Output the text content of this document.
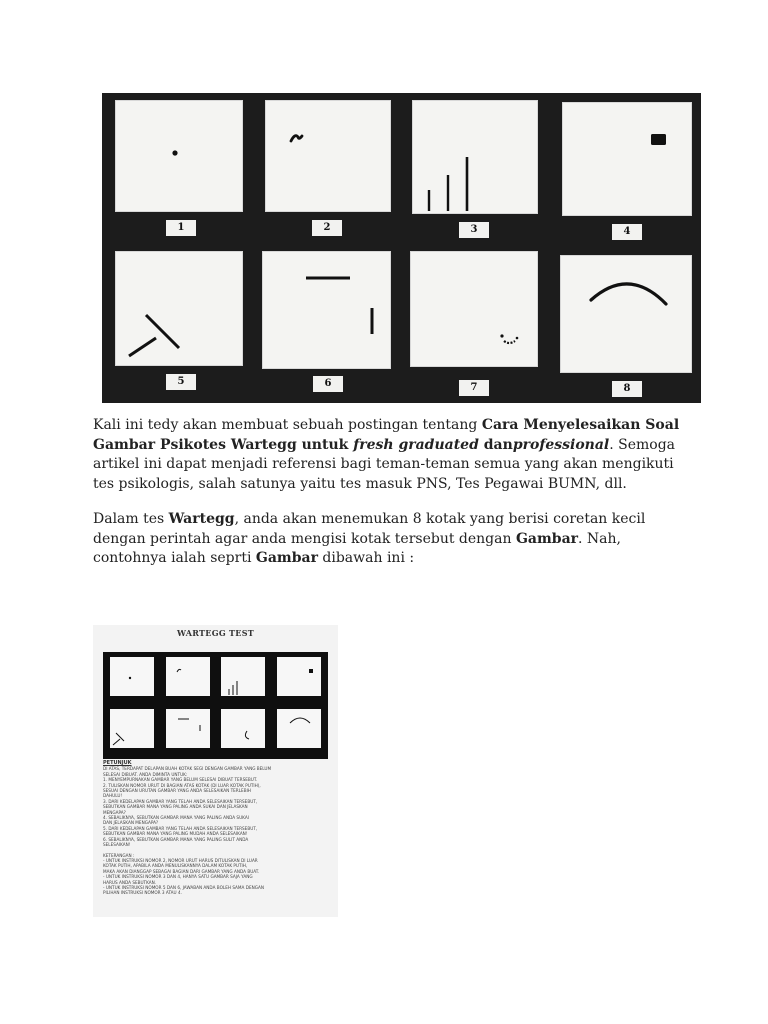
1	2	3	4
5	6	7	8

Kali ini tedy akan membuat sebuah postingan tentang Cara Menyelesaikan Soal Gambar Psikotes Wartegg untuk fresh graduated danprofessional. Semoga artikel ini dapat menjadi referensi bagi teman-teman semua yang akan mengikuti tes psikologis, salah satunya yaitu tes masuk PNS, Tes Pegawai BUMN, dll.

Dalam tes Wartegg, anda akan menemukan 8 kotak yang berisi coretan kecil dengan perintah agar anda mengisi kotak tersebut dengan Gambar. Nah, contohnya ialah seprti Gambar dibawah ini :

WARTEGG TEST
PETUNJUK
DI ATAS, TERDAPAT DELAPAN BUAH KOTAK SEGI DENGAN GAMBAR YANG BELUM
SELESAI DIBUAT. ANDA DIMINTA UNTUK:
1. MENYEMPURNAKAN GAMBAR YANG BELUM SELESAI DIBUAT TERSEBUT.
2. TULISKAN NOMOR URUT DI BAGIAN ATAS KOTAK (DI LUAR KOTAK PUTIH),
SESUAI DENGAN URUTAN GAMBAR YANG ANDA SELESAIKAN TERLEBIH
DAHULU!
3. DARI KEDELAPAN GAMBAR YANG TELAH ANDA SELESAIKAN TERSEBUT,
SEBUTKAN GAMBAR MANA YANG PALING ANDA SUKAI DAN JELASKAN
MENGAPA?
4. SEBALIKNYA, SEBUTKAN GAMBAR MANA YANG PALING ANDA SUKAI
DAN JELASKAN MENGAPA?
5. DARI KEDELAPAN GAMBAR YANG TELAH ANDA SELESAIKAN TERSEBUT,
SEBUTKAN GAMBAR MANA YANG PALING MUDAH ANDA SELESAIKAN!
6. SEBALIKNYA, SEBUTKAN GAMBAR MANA YANG PALING SULIT ANDA
SELESAIKAN!
KETERANGAN :
- UNTUK INSTRUKSI NOMOR 2, NOMOR URUT HARUS DITULISKAN DI LUAR
KOTAK PUTIH, APABILA ANDA MENULISKANNYA DALAM KOTAK PUTIH,
MAKA AKAN DIANGGAP SEBAGAI BAGIAN DARI GAMBAR YANG ANDA BUAT.
- UNTUK INSTRUKSI NOMOR 3 DAN 4, HANYA SATU GAMBAR SAJA YANG
HARUS ANDA SEBUTKAN.
- UNTUK INSTRUKSI NOMOR 5 DAN 6, JAWABAN ANDA BOLEH SAMA DENGAN
PILIHAN INSTRUKSI NOMOR 3 ATAU 4.
